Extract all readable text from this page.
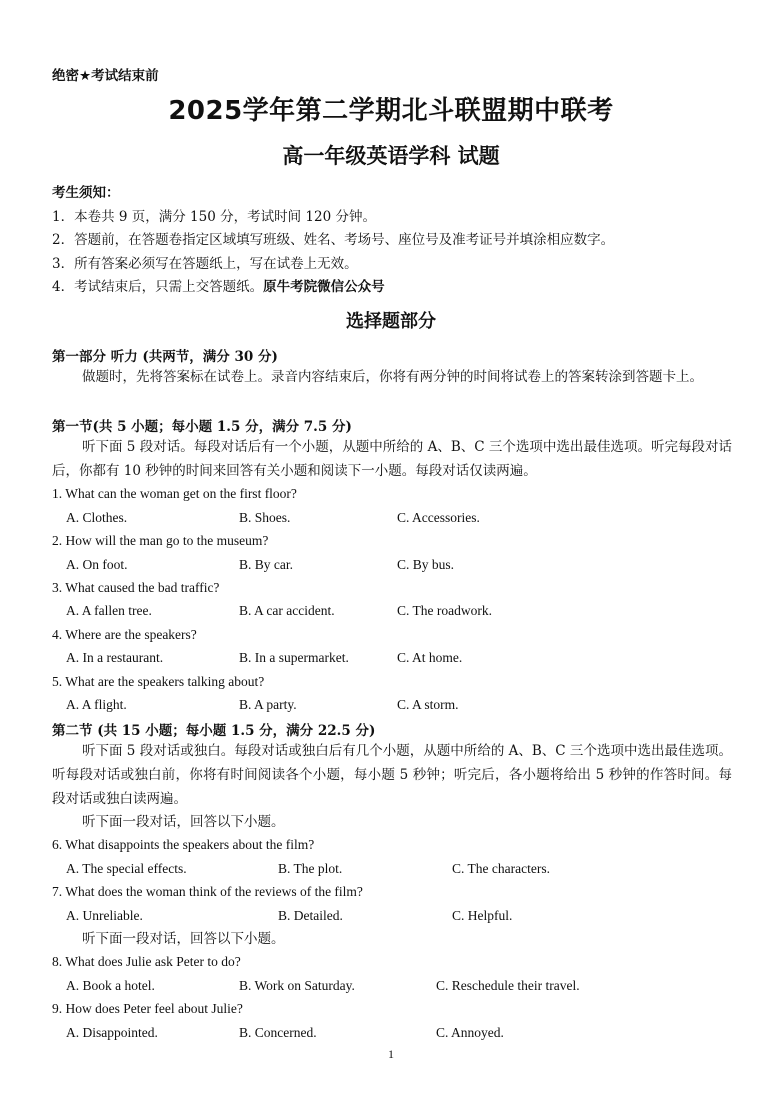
绝密★考试结束前
2025学年第二学期北斗联盟期中联考
高一年级英语学科 试题
考生须知：
1．本卷共 9 页，满分 150 分，考试时间 120 分钟。
2．答题前，在答题卷指定区域填写班级、姓名、考场号、座位号及准考证号并填涂相应数字。
3．所有答案必须写在答题纸上，写在试卷上无效。
4．考试结束后，只需上交答题纸。原牛考院微信公众号
选择题部分
第一部分 听力 (共两节，满分 30 分)
做题时，先将答案标在试卷上。录音内容结束后，你将有两分钟的时间将试卷上的答案转涂到答题卡上。
第一节(共 5 小题；每小题 1.5 分，满分 7.5 分)
听下面 5 段对话。每段对话后有一个小题，从题中所给的 A、B、C 三个选项中选出最佳选项。听完每段对话后，你都有 10 秒钟的时间来回答有关小题和阅读下一小题。每段对话仅读两遍。
1. What can the woman get on the first floor?
A. Clothes.	B. Shoes.	C. Accessories.
2. How will the man go to the museum?
A. On foot.	B. By car.	C. By bus.
3. What caused the bad traffic?
A. A fallen tree.	B. A car accident.	C. The roadwork.
4. Where are the speakers?
A. In a restaurant.	B. In a supermarket.	C. At home.
5. What are the speakers talking about?
A. A flight.	B. A party.	C. A storm.
第二节 (共 15 小题；每小题 1.5 分，满分 22.5 分)
听下面 5 段对话或独白。每段对话或独白后有几个小题，从题中所给的 A、B、C 三个选项中选出最佳选项。听每段对话或独白前，你将有时间阅读各个小题，每小题 5 秒钟；听完后，各小题将给出 5 秒钟的作答时间。每段对话或独白读两遍。
听下面一段对话，回答以下小题。
6. What disappoints the speakers about the film?
A. The special effects.	B. The plot.	C. The characters.
7. What does the woman think of the reviews of the film?
A. Unreliable.	B. Detailed.	C. Helpful.
听下面一段对话，回答以下小题。
8. What does Julie ask Peter to do?
A. Book a hotel.	B. Work on Saturday.	C. Reschedule their travel.
9. How does Peter feel about Julie?
A. Disappointed.	B. Concerned.	C. Annoyed.
1
